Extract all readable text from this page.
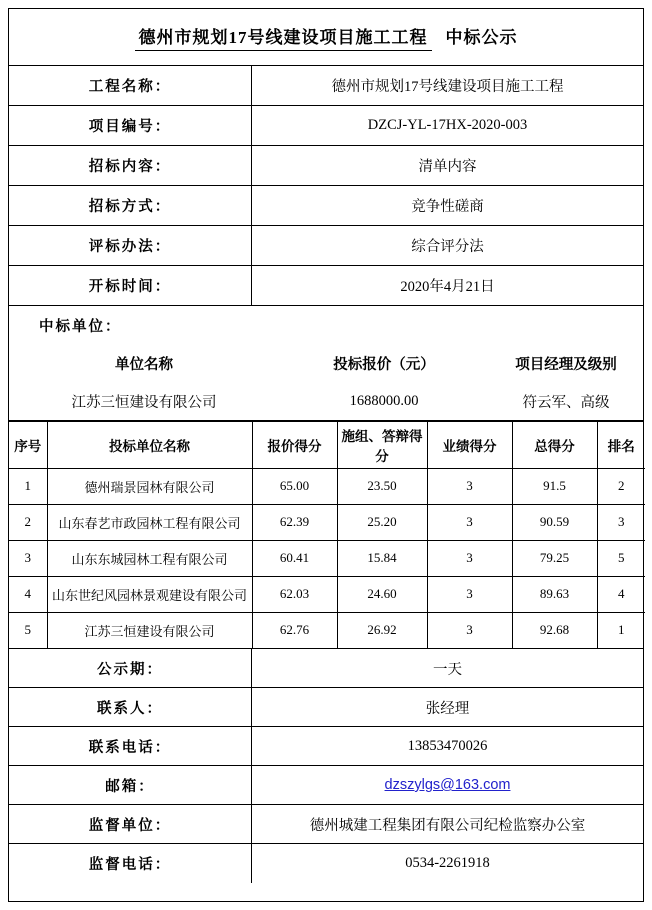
德州市规划17号线建设项目施工工程 中标公示
工程名称：	德州市规划17号线建设项目施工工程
项目编号：	DZCJ-YL-17HX-2020-003
招标内容：	清单内容
招标方式：	竞争性磋商
评标办法：	综合评分法
开标时间：	2020年4月21日
中标单位：
单位名称	投标报价（元）	项目经理及级别
江苏三恒建设有限公司	1688000.00	符云军、高级
序号	投标单位名称	报价得分	施组、答辩得分	业绩得分	总得分	排名
1	德州瑞景园林有限公司	65.00	23.50	3	91.5	2
2	山东春艺市政园林工程有限公司	62.39	25.20	3	90.59	3
3	山东东城园林工程有限公司	60.41	15.84	3	79.25	5
4	山东世纪风园林景观建设有限公司	62.03	24.60	3	89.63	4
5	江苏三恒建设有限公司	62.76	26.92	3	92.68	1
公示期：	一天
联系人：	张经理
联系电话：	13853470026
邮箱：	dzszylgs@163.com
监督单位：	德州城建工程集团有限公司纪检监察办公室
监督电话：	0534-2261918
